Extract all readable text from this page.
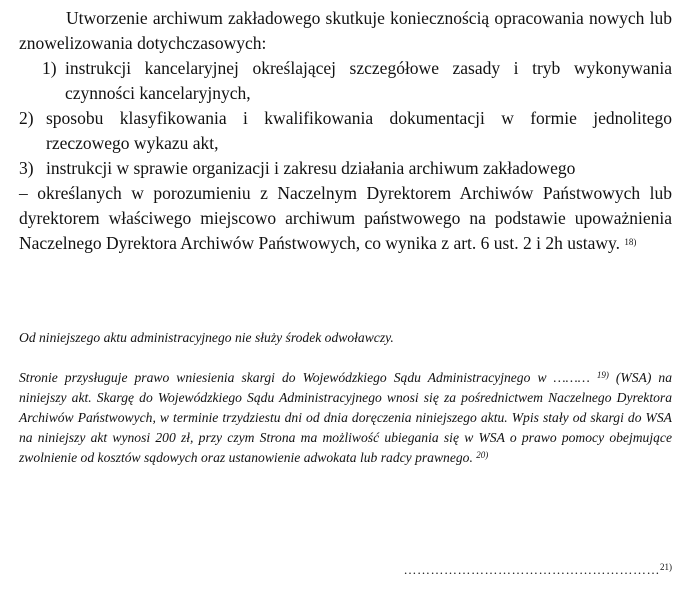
Utworzenie archiwum zakładowego skutkuje koniecznością opracowania nowych lub znowelizowania dotychczasowych:

1) instrukcji kancelaryjnej określającej szczegółowe zasady i tryb wykonywania czynności kancelaryjnych,
2) sposobu klasyfikowania i kwalifikowania dokumentacji w formie jednolitego rzeczowego wykazu akt,
3) instrukcji w sprawie organizacji i zakresu działania archiwum zakładowego

– określanych w porozumieniu z Naczelnym Dyrektorem Archiwów Państwowych lub dyrektorem właściwego miejscowo archiwum państwowego na podstawie upoważnienia Naczelnego Dyrektora Archiwów Państwowych, co wynika z art. 6 ust. 2 i 2h ustawy. $^{18)}$

Od niniejszego aktu administracyjnego nie służy środek odwoławczy.
Stronie przysługuje prawo wniesienia skargi do Wojewódzkiego Sądu Administracyjnego w ……… $^{19)}$ (WSA) na niniejszy akt. Skargę do Wojewódzkiego Sądu Administracyjnego wnosi się za pośrednictwem Naczelnego Dyrektora Archiwów Państwowych, w terminie trzydziestu dni od dnia doręczenia niniejszego aktu. Wpis stały od skargi do WSA na niniejszy akt wynosi 200 zł, przy czym Strona ma możliwość ubiegania się w WSA o prawo pomocy obejmujące zwolnienie od kosztów sądowych oraz ustanowienie adwokata lub radcy prawnego. $^{20)}$
…………………………………………………$^{21)}$
